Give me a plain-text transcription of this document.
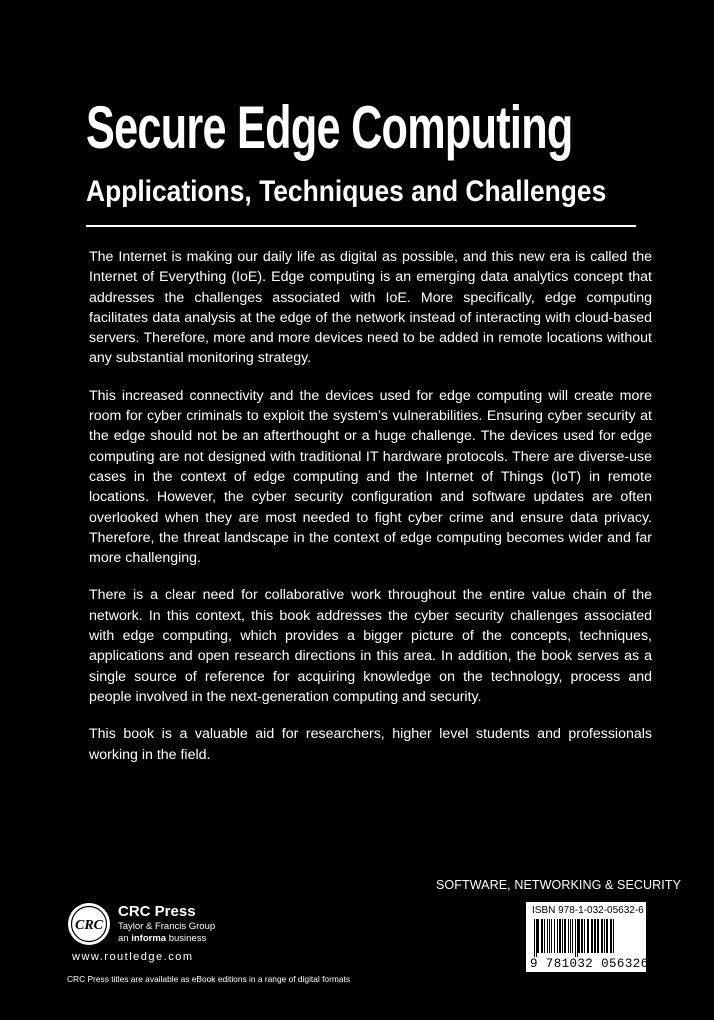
Secure Edge Computing
Applications, Techniques and Challenges

The Internet is making our daily life as digital as possible, and this new era is called the Internet of Everything (IoE). Edge computing is an emerging data analytics concept that addresses the challenges associated with IoE. More specifically, edge computing facilitates data analysis at the edge of the network instead of interacting with cloud-based servers. Therefore, more and more devices need to be added in remote locations without any substantial monitoring strategy.

This increased connectivity and the devices used for edge computing will create more room for cyber criminals to exploit the system’s vulnerabilities. Ensuring cyber security at the edge should not be an afterthought or a huge challenge. The devices used for edge computing are not designed with traditional IT hardware protocols. There are diverse-use cases in the context of edge computing and the Internet of Things (IoT) in remote locations. However, the cyber security configuration and software updates are often overlooked when they are most needed to fight cyber crime and ensure data privacy. Therefore, the threat landscape in the context of edge computing becomes wider and far more challenging.

There is a clear need for collaborative work throughout the entire value chain of the network. In this context, this book addresses the cyber security challenges associated with edge computing, which provides a bigger picture of the concepts, techniques, applications and open research directions in this area. In addition, the book serves as a single source of reference for acquiring knowledge on the technology, process and people involved in the next-generation computing and security.

This book is a valuable aid for researchers, higher level students and professionals working in the field.

SOFTWARE, NETWORKING & SECURITY
CRC
CRC Press
Taylor & Francis Group
an informa business
www.routledge.com
CRC Press titles are available as eBook editions in a range of digital formats
ISBN 978-1-032-05632-6
9 781032 056326
